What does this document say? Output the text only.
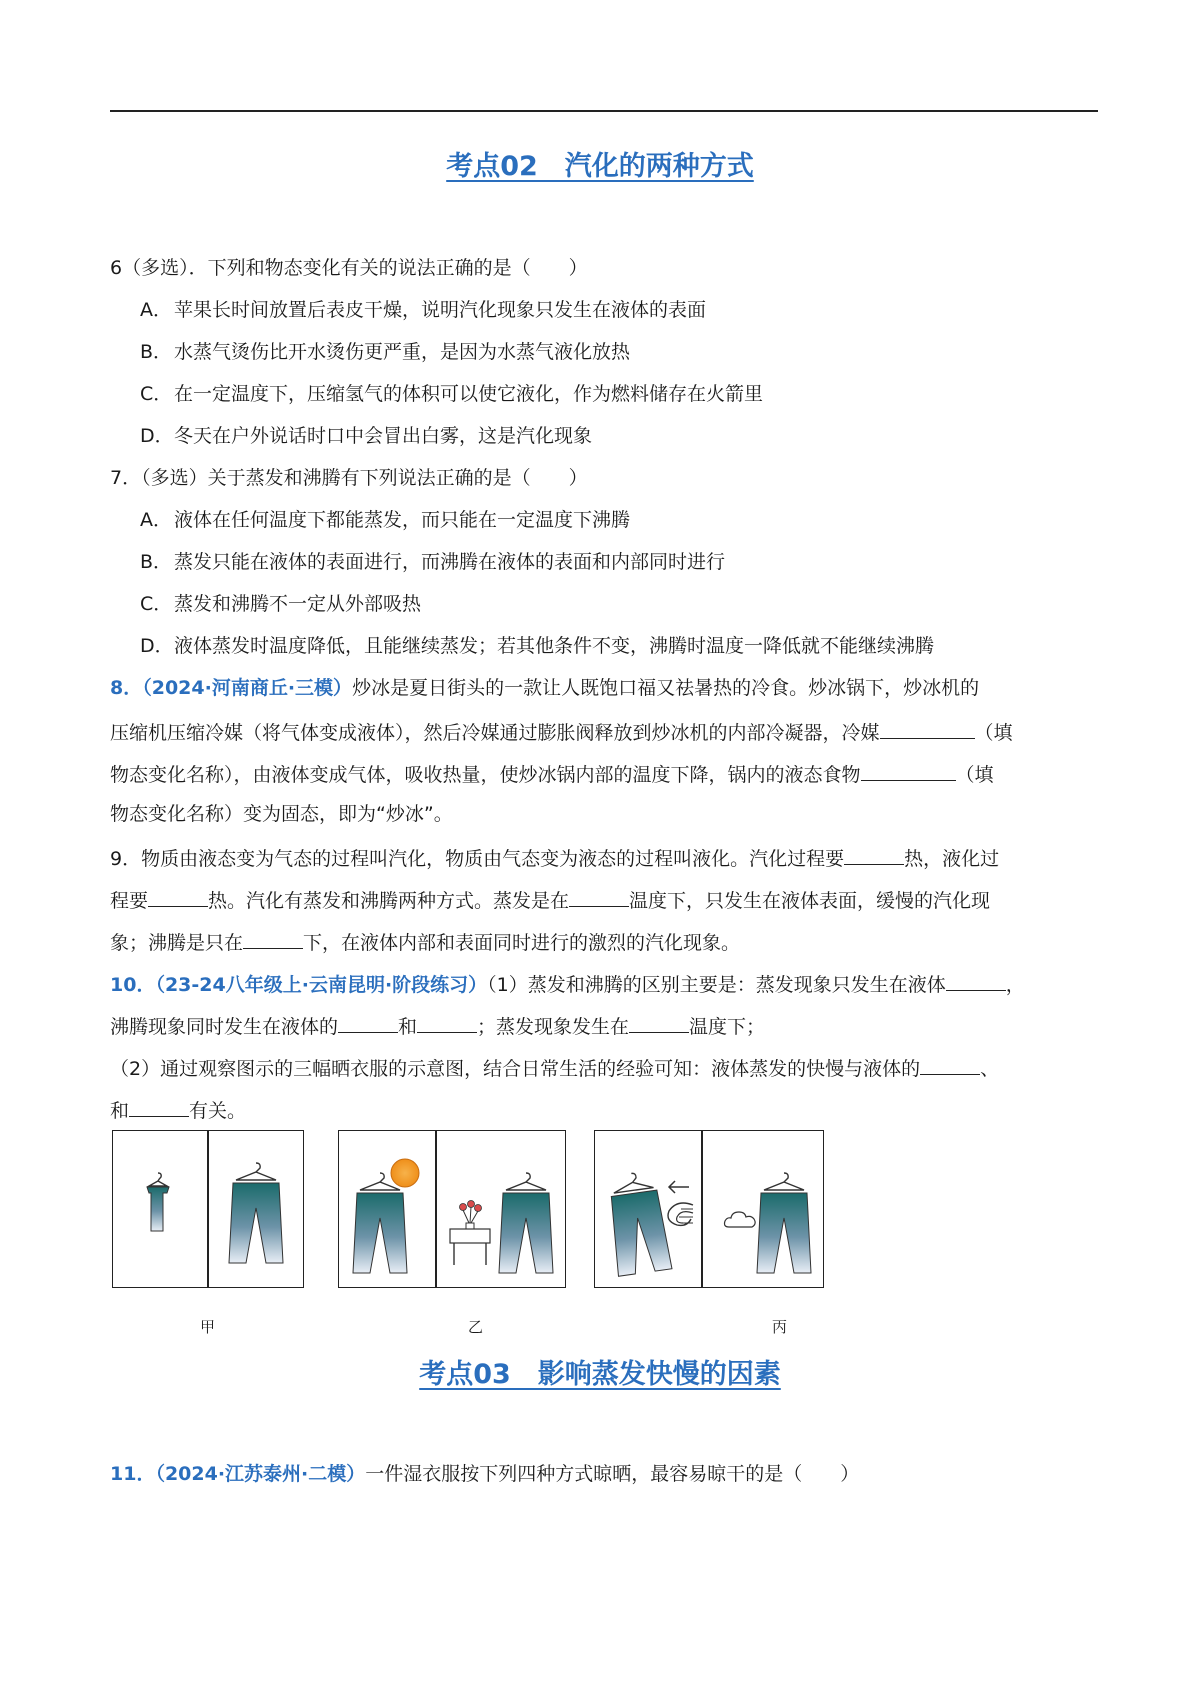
考点02　汽化的两种方式
6（多选）．下列和物态变化有关的说法正确的是（　　）
A． 苹果长时间放置后表皮干燥，说明汽化现象只发生在液体的表面
B． 水蒸气烫伤比开水烫伤更严重，是因为水蒸气液化放热
C．在一定温度下，压缩氢气的体积可以使它液化，作为燃料储存在火箭里
D．冬天在户外说话时口中会冒出白雾，这是汽化现象
7．（多选）关于蒸发和沸腾有下列说法正确的是（　　）
A． 液体在任何温度下都能蒸发，而只能在一定温度下沸腾
B． 蒸发只能在液体的表面进行，而沸腾在液体的表面和内部同时进行
C．蒸发和沸腾不一定从外部吸热
D．液体蒸发时温度降低，且能继续蒸发；若其他条件不变，沸腾时温度一降低就不能继续沸腾
8．（2024·河南商丘·三模）炒冰是夏日街头的一款让人既饱口福又祛暑热的冷食。炒冰锅下，炒冰机的
压缩机压缩冷媒（将气体变成液体），然后冷媒通过膨胀阀释放到炒冰机的内部冷凝器，冷媒	（填
物态变化名称），由液体变成气体，吸收热量，使炒冰锅内部的温度下降，锅内的液态食物	（填
物态变化名称）变为固态，即为“炒冰”。
9．物质由液态变为气态的过程叫汽化，物质由气态变为液态的过程叫液化。汽化过程要	热，液化过
程要	热。汽化有蒸发和沸腾两种方式。蒸发是在	温度下，只发生在液体表面，缓慢的汽化现
象；沸腾是只在	下，在液体内部和表面同时进行的激烈的汽化现象。
10．（23-24八年级上·云南昆明·阶段练习）（1）蒸发和沸腾的区别主要是：蒸发现象只发生在液体	，
沸腾现象同时发生在液体的	和	；蒸发现象发生在	温度下；
（2）通过观察图示的三幅晒衣服的示意图，结合日常生活的经验可知：液体蒸发的快慢与液体的	、
和	有关。
甲	乙	丙
考点03　影响蒸发快慢的因素
11．（2024·江苏泰州·二模）一件湿衣服按下列四种方式晾晒，最容易晾干的是（　　）
